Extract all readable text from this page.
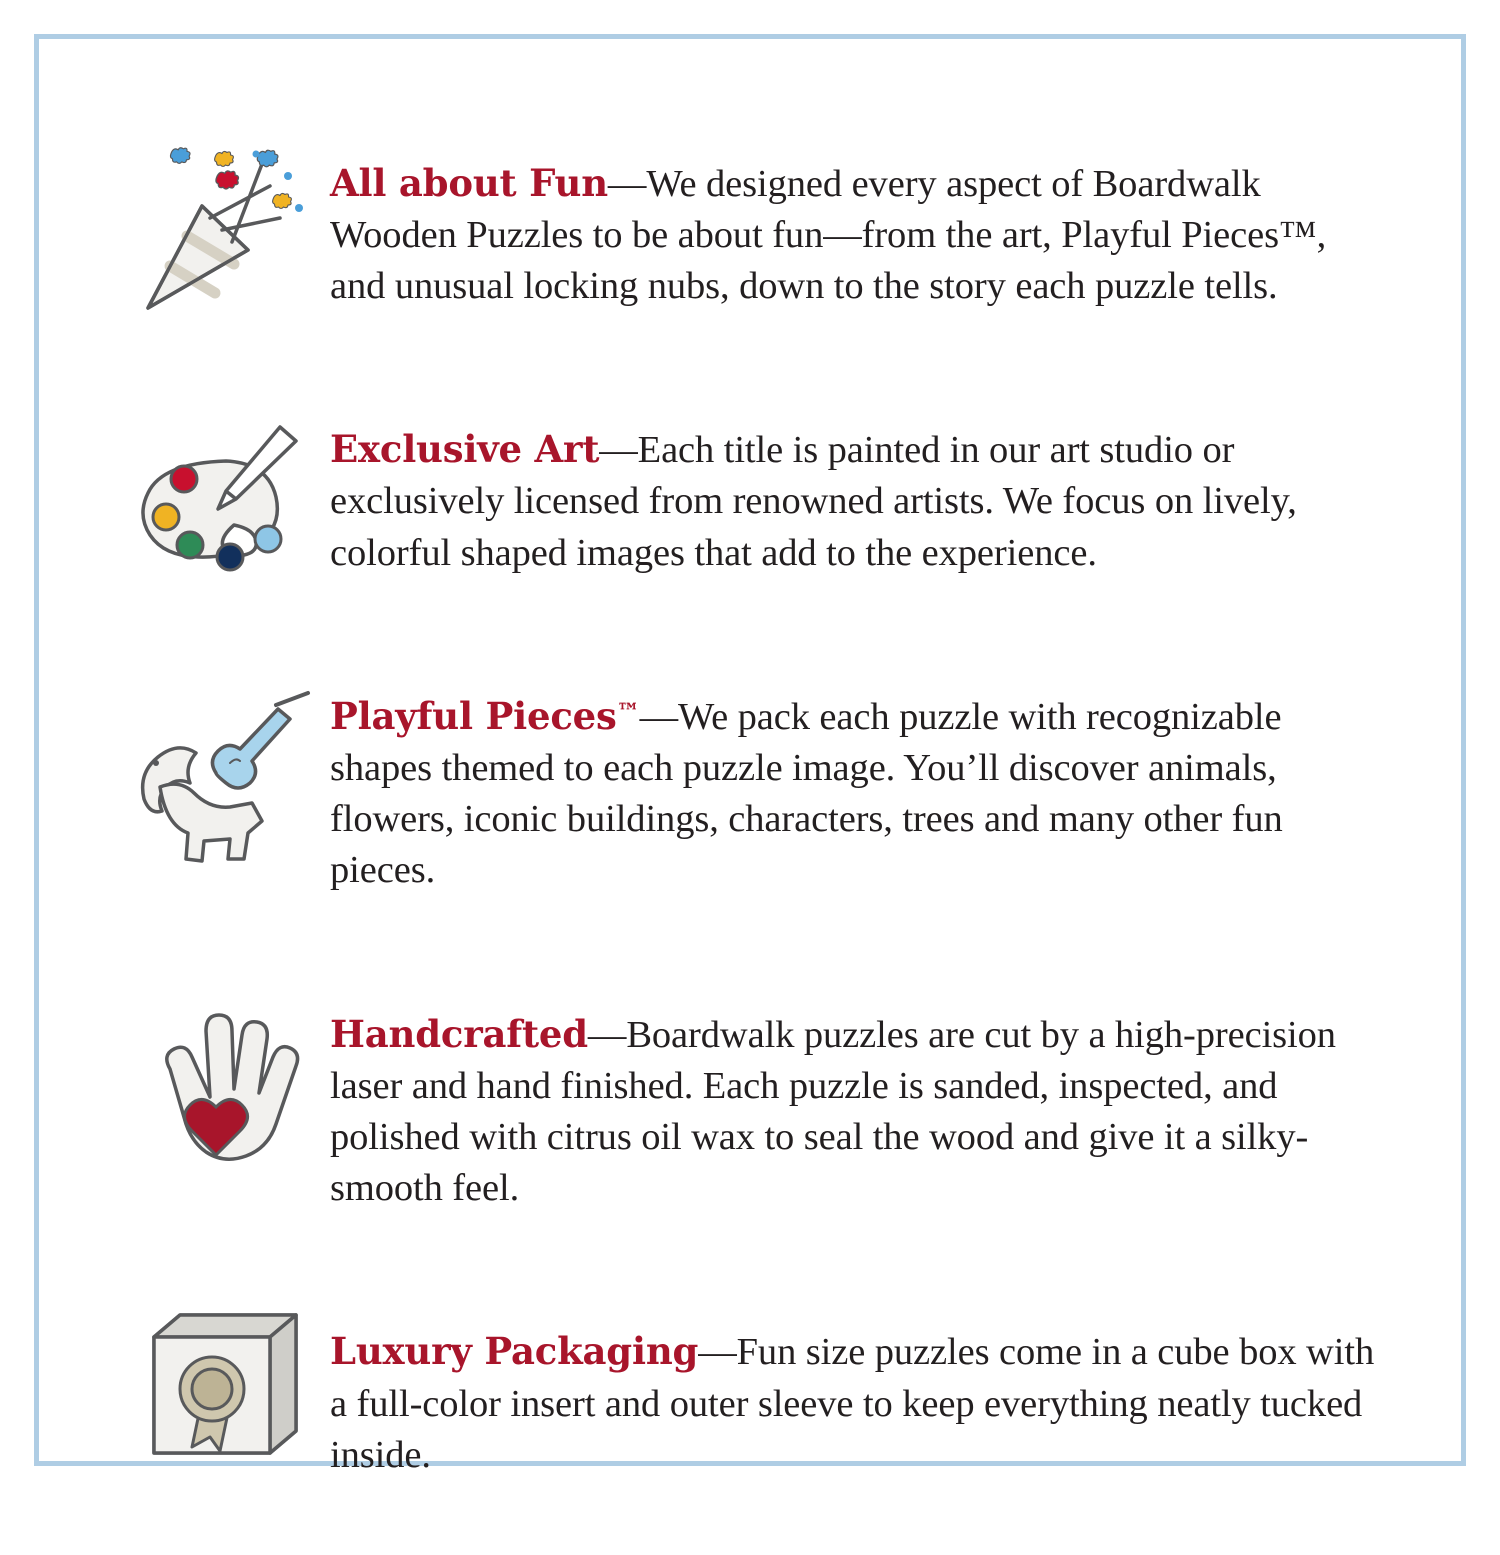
All about Fun—We designed every aspect of Boardwalk Wooden Puzzles to be about fun—from the art, Playful Pieces™, and unusual locking nubs, down to the story each puzzle tells.

Exclusive Art—Each title is painted in our art studio or exclusively licensed from renowned artists. We focus on lively, colorful shaped images that add to the experience.

Playful Pieces™—We pack each puzzle with recognizable shapes themed to each puzzle image. You’ll discover animals, flowers, iconic buildings, characters, trees and many other fun pieces.

Handcrafted—Boardwalk puzzles are cut by a high-precision laser and hand finished. Each puzzle is sanded, inspected, and polished with citrus oil wax to seal the wood and give it a silky-smooth feel.

Luxury Packaging—Fun size puzzles come in a cube box with a full-color insert and outer sleeve to keep everything neatly tucked inside.
